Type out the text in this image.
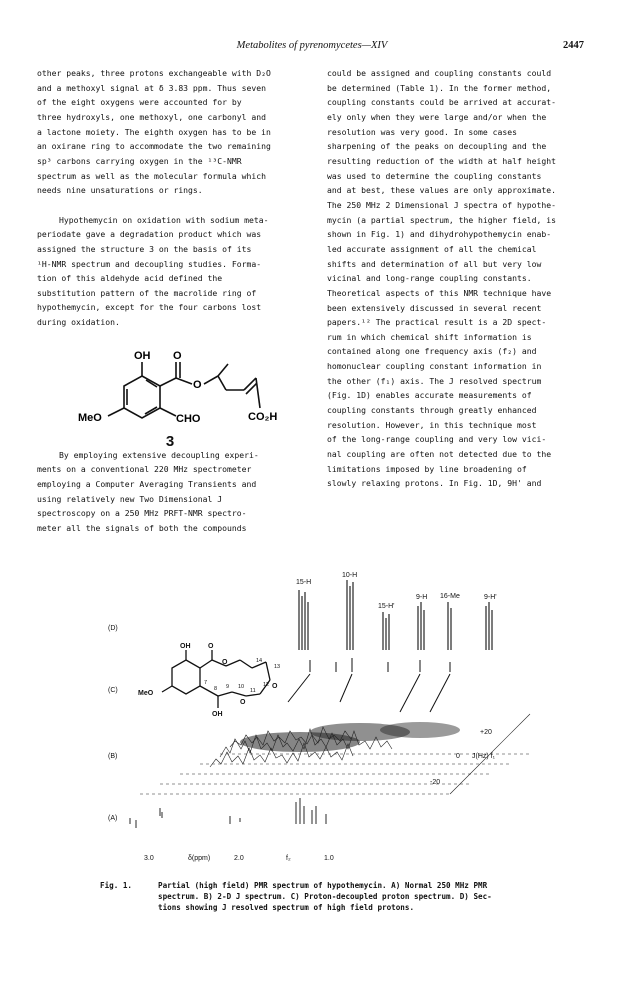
Metabolites of pyrenomycetes—XIV	2447

other peaks, three protons exchangeable with D₂O
and a methoxyl signal at δ 3.83 ppm. Thus seven
of the eight oxygens were accounted for by
three hydroxyls, one methoxyl, one carbonyl and
a lactone moiety. The eighth oxygen has to be in
an oxirane ring to accommodate the two remaining
sp³ carbons carrying oxygen in the ¹³C-NMR
spectrum as well as the molecular formula which
needs nine unsaturations or rings.

Hypothemycin on oxidation with sodium meta-
periodate gave a degradation product which was
assigned the structure 3 on the basis of its
¹H-NMR spectrum and decoupling studies. Forma-
tion of this aldehyde acid defined the
substitution pattern of the macrolide ring of
hypothemycin, except for the four carbons lost
during oxidation.

By employing extensive decoupling experi-
ments on a conventional 220 MHz spectrometer
employing a Computer Averaging Transients and
using relatively new Two Dimensional J
spectroscopy on a 250 MHz PRFT-NMR spectro-
meter all the signals of both the compounds

OH
MeO	CHO
O
O
CO₂H
3

could be assigned and coupling constants could
be determined (Table 1). In the former method,
coupling constants could be arrived at accurat-
ely only when they were large and/or when the
resolution was very good. In some cases
sharpening of the peaks on decoupling and the
resulting reduction of the width at half height
was used to determine the coupling constants
and at best, these values are only approximate.
The 250 MHz 2 Dimensional J spectra of hypothe-
mycin (a partial spectrum, the higher field, is
shown in Fig. 1) and dihydrohypothemycin enab-
led accurate assignment of all the chemical
shifts and determination of all but very low
vicinal and long-range coupling constants.
Theoretical aspects of this NMR technique have
been extensively discussed in several recent
papers.¹² The practical result is a 2D spect-
rum in which chemical shift information is
contained along one frequency axis (f₂) and
homonuclear coupling constant information in
the other (f₁) axis. The J resolved spectrum
(Fig. 1D) enables accurate measurements of
coupling constants through greatly enhanced
resolution. However, in this technique most
of the long-range coupling and very low vici-
nal coupling are often not detected due to the
limitations imposed by line broadening of
slowly relaxing protons. In Fig. 1D, 9H' and

(D)
(C)
(B)
(A)
15-H
10-H
15-H'
9-H 16-Me	9-H'
OH
MeO
OH
O
O
O
O
14
13
12
11
10
9
8
7
+20
0 J(Hz) f₁
-20
3.0	δ(ppm)	2.0	f₂	1.0
Fig. 1.	Partial (high field) PMR spectrum of hypothemycin. A) Normal 250 MHz PMR
spectrum. B) 2-D J spectrum. C) Proton-decoupled proton spectrum. D) Sec-
tions showing J resolved spectrum of high field protons.
